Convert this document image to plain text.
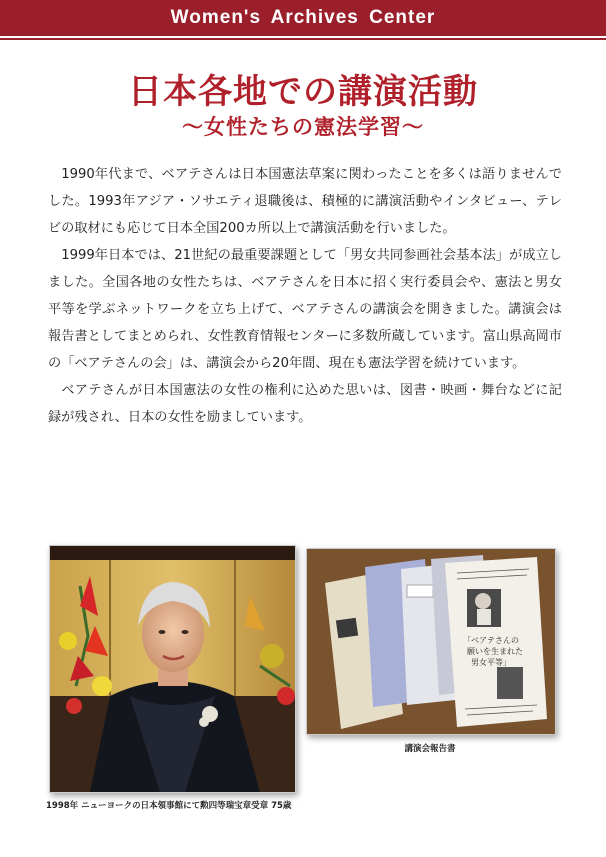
Women's Archives Center
日本各地での講演活動
～女性たちの憲法学習～

1990年代まで、ベアテさんは日本国憲法草案に関わったことを多くは語りませんでした。1993年アジア・ソサエティ退職後は、積極的に講演活動やインタビュー、テレビの取材にも応じて日本全国200カ所以上で講演活動を行いました。

1999年日本では、21世紀の最重要課題として「男女共同参画社会基本法」が成立しました。全国各地の女性たちは、ベアテさんを日本に招く実行委員会や、憲法と男女平等を学ぶネットワークを立ち上げて、ベアテさんの講演会を開きました。講演会は報告書としてまとめられ、女性教育情報センターに多数所蔵しています。富山県高岡市の「ベアテさんの会」は、講演会から20年間、現在も憲法学習を続けています。

ベアテさんが日本国憲法の女性の権利に込めた思いは、図書・映画・舞台などに記録が残され、日本の女性を励ましています。

「ベアテさんの 願いを生まれた 男女平等」
1998年 ニューヨークの日本領事館にて勲四等瑞宝章受章 75歳
講演会報告書
